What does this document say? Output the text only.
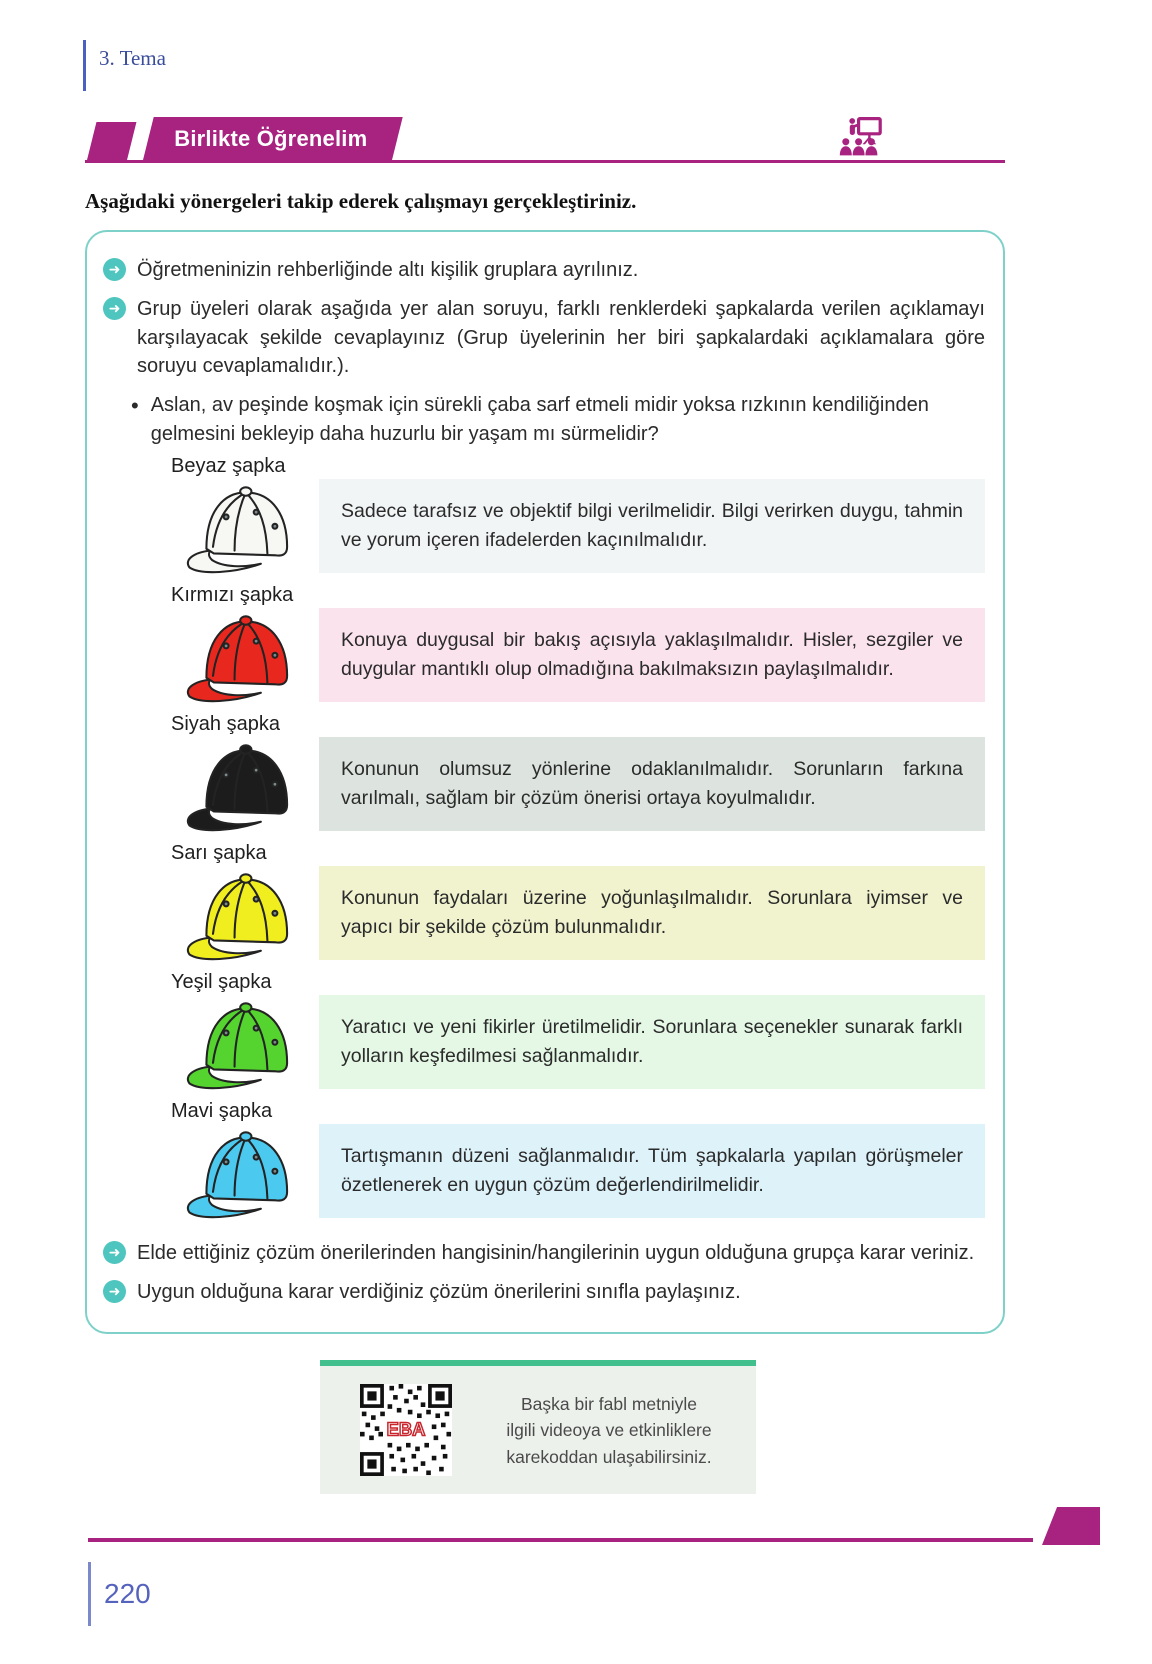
3. Tema
Birlikte Öğrenelim

Aşağıdaki yönergeleri takip ederek çalışmayı gerçekleştiriniz.

➜ Öğretmeninizin rehberliğinde altı kişilik gruplara ayrılınız.

➜ Grup üyeleri olarak aşağıda yer alan soruyu, farklı renklerdeki şapkalarda verilen açıklamayı karşılayacak şekilde cevaplayınız (Grup üyelerinin her biri şapkalardaki açıklamalara göre soruyu cevaplamalıdır.).

• Aslan, av peşinde koşmak için sürekli çaba sarf etmeli midir yoksa rızkının kendiliğinden gelmesini bekleyip daha huzurlu bir yaşam mı sürmelidir?

Beyaz şapka

Sadece tarafsız ve objektif bilgi verilmelidir. Bilgi verirken duygu, tahmin ve yorum içeren ifadelerden kaçınılmalıdır.

Kırmızı şapka

Konuya duygusal bir bakış açısıyla yaklaşılmalıdır. Hisler, sezgiler ve duygular mantıklı olup olmadığına bakılmaksızın paylaşılmalıdır.

Siyah şapka

Konunun olumsuz yönlerine odaklanılmalıdır. Sorunların farkına varılmalı, sağlam bir çözüm önerisi ortaya koyulmalıdır.

Sarı şapka

Konunun faydaları üzerine yoğunlaşılmalıdır. Sorunlara iyimser ve yapıcı bir şekilde çözüm bulunmalıdır.

Yeşil şapka

Yaratıcı ve yeni fikirler üretilmelidir. Sorunlara seçenekler sunarak farklı yolların keşfedilmesi sağlanmalıdır.

Mavi şapka

Tartışmanın düzeni sağlanmalıdır. Tüm şapkalarla yapılan görüşmeler özetlenerek en uygun çözüm değerlendirilmelidir.

➜ Elde ettiğiniz çözüm önerilerinden hangisinin/hangilerinin uygun olduğuna grupça karar veriniz.

➜ Uygun olduğuna karar verdiğiniz çözüm önerilerini sınıfla paylaşınız.

EBA
Başka bir fabl metniyle
ilgili videoya ve etkinliklere
karekoddan ulaşabilirsiniz.
220
